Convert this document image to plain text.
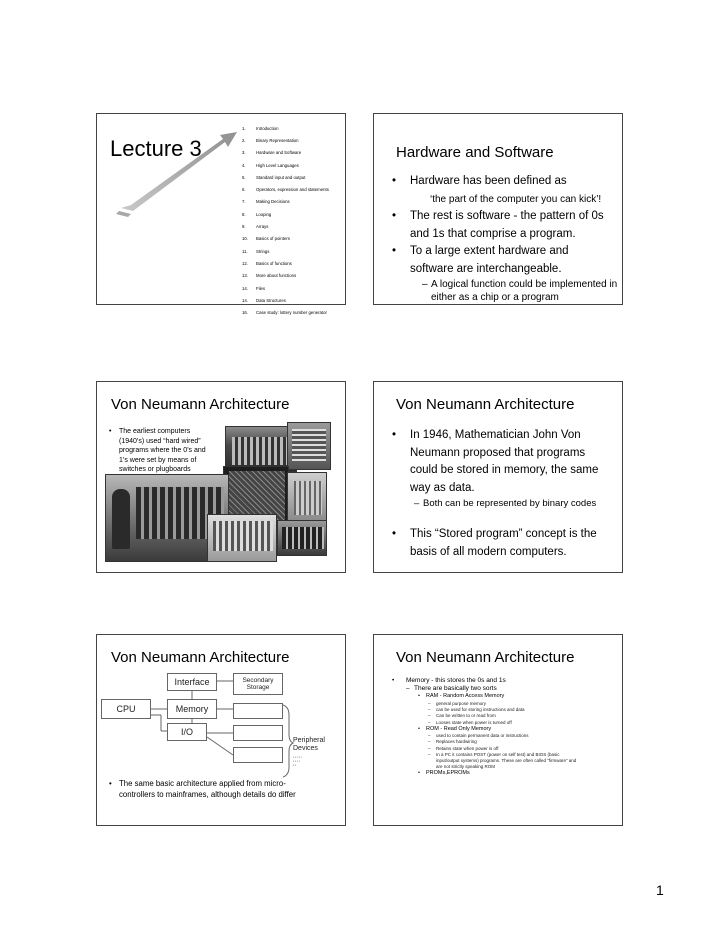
Lecture 3
1.	Introduction
2.	Binary Representation
3.	Hardware and Software
4.	High Level Languages
5.	Standard input and output
6.	Operators, expression and statements
7.	Making Decisions
8.	Looping
9.	Arrays
10.	Basics of pointers
11.	Strings
12.	Basics of functions
13.	More about functions
14.	Files
14.	Data Structures
16.	Case study: lottery number generator
Hardware and Software
•	Hardware has been defined as
‘the part of the computer you can kick’!
•	The rest is software - the pattern of 0s
and 1s that comprise a program.
•	To a large extent hardware and
software are interchangeable.
– A logical function could be implemented in
either as a chip or a program
Von Neumann Architecture
•	The earliest computers
(1940’s) used “hard wired”
programs where the 0’s and
1’s were set by means of
switches or plugboards
Von Neumann Architecture
•	In 1946, Mathematician John Von
Neumann proposed that programs
could be stored in memory, the same
way as data.
– Both can be represented by binary codes
•	This “Stored program” concept is the
basis of all modern computers.
Von Neumann Architecture
Interface	Secondary
Storage
CPU	Memory
I/O
Peripheral
Devices
▪ ▪ ▪ ▪ ▪
▪ ▪ ▪ ▪
▪ ▪
• The same basic architecture applied from micro-
controllers to mainframes, although details do differ
Von Neumann Architecture
•	Memory - this stores the 0s and 1s
– There are basically two sorts
•	RAM - Random Access Memory
–	general purpose memory
–	can be used for storing instructions and data
–	Can be written to or read from
–	Looses state when power is turned off
•	ROM - Read Only Memory
–	used to contain permanent data or instructions
–	Replaces hardwiring
–	Retains state when power is off
–	In a PC it contains POST (power on self test) and BIOS (basic
input/output systems) programs. These are often called “firmware” and
are not strictly speaking ROM
•	PROMs,EPROMs
1
